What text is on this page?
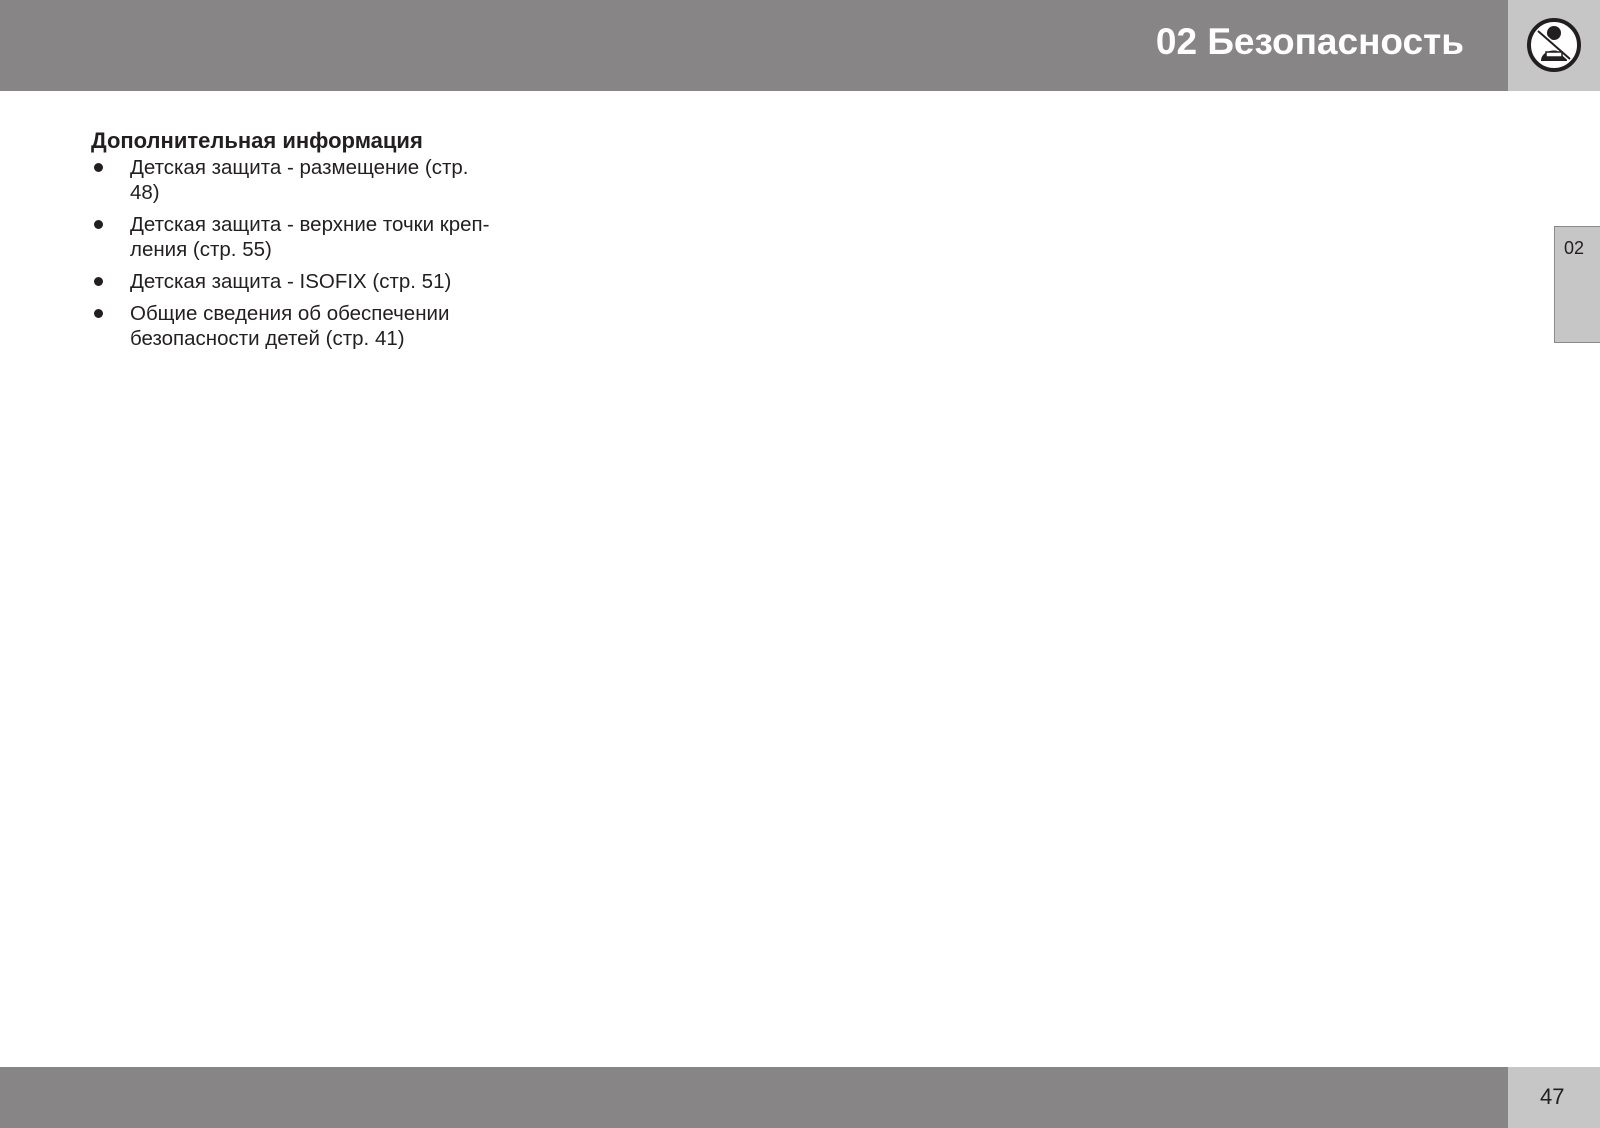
02 Безопасность
Дополнительная информация
Детская защита - размещение (стр.
48)
Детская защита - верхние точки креп-
ления (стр. 55)
Детская защита - ISOFIX (стр. 51)
Общие сведения об обеспечении
безопасности детей (стр. 41)
02
47
